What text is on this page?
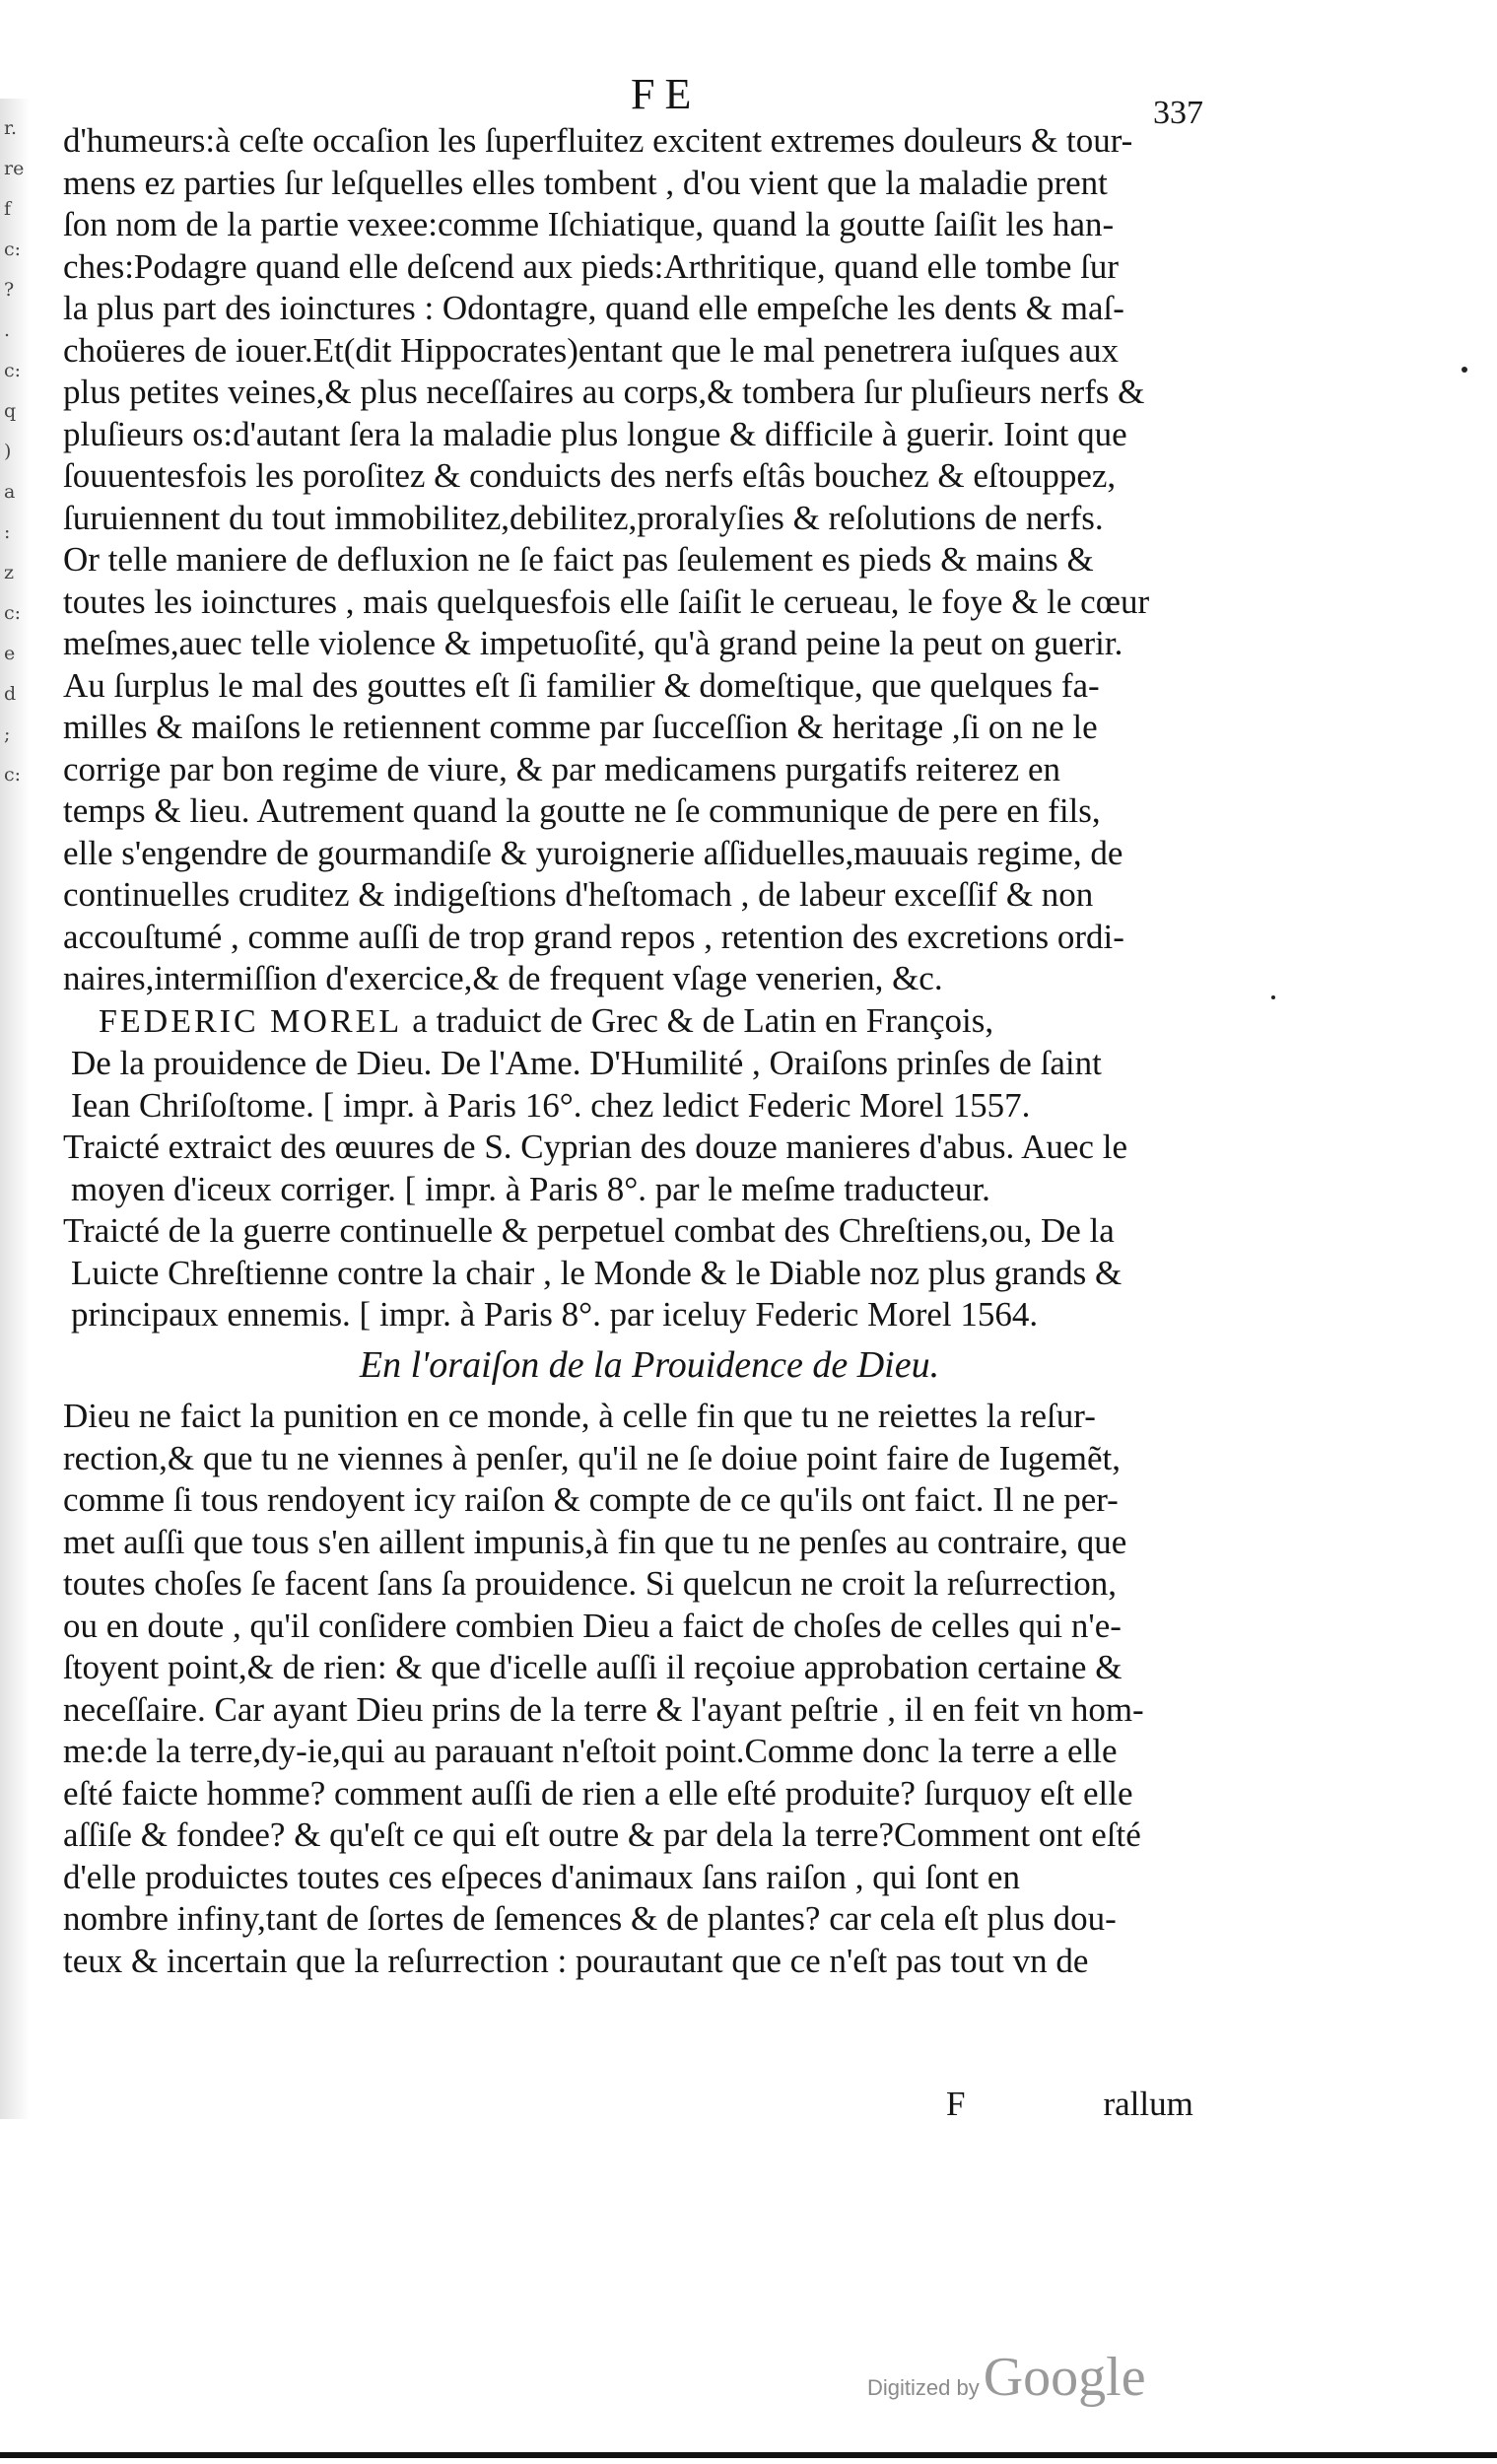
r.
re
f
c:
?
.
c:
q
)
a
:
z
c:
e
d
;
c:
FE	337
d'humeurs:à ceſte occaſion les ſuperfluitez excitent extremes douleurs & tour-
mens ez parties ſur leſquelles elles tombent , d'ou vient que la maladie prent
ſon nom de la partie vexee:comme Iſchiatique, quand la goutte ſaiſit les han-
ches:Podagre quand elle deſcend aux pieds:Arthritique, quand elle tombe ſur
la plus part des ioinctures : Odontagre, quand elle empeſche les dents & maſ-
choüeres de iouer.Et(dit Hippocrates)entant que le mal penetrera iuſques aux
plus petites veines,& plus neceſſaires au corps,& tombera ſur pluſieurs nerfs &
pluſieurs os:d'autant ſera la maladie plus longue & difficile à guerir. Ioint que
ſouuentesfois les poroſitez & conduicts des nerfs eſtâs bouchez & eſtouppez,
ſuruiennent du tout immobilitez,debilitez,proralyſies & reſolutions de nerfs.
Or telle maniere de defluxion ne ſe faict pas ſeulement es pieds & mains &
toutes les ioinctures , mais quelquesfois elle ſaiſit le cerueau, le foye & le cœur
meſmes,auec telle violence & impetuoſité, qu'à grand peine la peut on guerir.
Au ſurplus le mal des gouttes eſt ſi familier & domeſtique, que quelques fa-
milles & maiſons le retiennent comme par ſucceſſion & heritage ,ſi on ne le
corrige par bon regime de viure, & par medicamens purgatifs reiterez en
temps & lieu. Autrement quand la goutte ne ſe communique de pere en fils,
elle s'engendre de gourmandiſe & yuroignerie aſſiduelles,mauuais regime, de
continuelles cruditez & indigeſtions d'heſtomach , de labeur exceſſif & non
accouſtumé , comme auſſi de trop grand repos , retention des excretions ordi-
naires,intermiſſion d'exercice,& de frequent vſage venerien, &c.
FEDERIC MOREL a traduict de Grec & de Latin en François,
De la prouidence de Dieu. De l'Ame. D'Humilité , Oraiſons prinſes de ſaint
Iean Chriſoſtome. [ impr. à Paris 16°. chez ledict Federic Morel 1557.
Traicté extraict des œuures de S. Cyprian des douze manieres d'abus. Auec le
moyen d'iceux corriger. [ impr. à Paris 8°. par le meſme traducteur.
Traicté de la guerre continuelle & perpetuel combat des Chreſtiens,ou, De la
Luicte Chreſtienne contre la chair , le Monde & le Diable noz plus grands &
principaux ennemis. [ impr. à Paris 8°. par iceluy Federic Morel 1564.
En l'oraiſon de la Prouidence de Dieu.
Dieu ne faict la punition en ce monde, à celle fin que tu ne reiettes la reſur-
rection,& que tu ne viennes à penſer, qu'il ne ſe doiue point faire de Iugemẽt,
comme ſi tous rendoyent icy raiſon & compte de ce qu'ils ont faict. Il ne per-
met auſſi que tous s'en aillent impunis,à fin que tu ne penſes au contraire, que
toutes choſes ſe facent ſans ſa prouidence. Si quelcun ne croit la reſurrection,
ou en doute , qu'il conſidere combien Dieu a faict de choſes de celles qui n'e-
ſtoyent point,& de rien: & que d'icelle auſſi il reçoiue approbation certaine &
neceſſaire. Car ayant Dieu prins de la terre & l'ayant peſtrie , il en feit vn hom-
me:de la terre,dy-ie,qui au parauant n'eſtoit point.Comme donc la terre a elle
eſté faicte homme? comment auſſi de rien a elle eſté produite? ſurquoy eſt elle
aſſiſe & fondee? & qu'eſt ce qui eſt outre & par dela la terre?Comment ont eſté
d'elle produictes toutes ces eſpeces d'animaux ſans raiſon , qui ſont en
nombre infiny,tant de ſortes de ſemences & de plantes? car cela eſt plus dou-
teux & incertain que la reſurrection : pourautant que ce n'eſt pas tout vn de
F	rallum
Digitized by Google
